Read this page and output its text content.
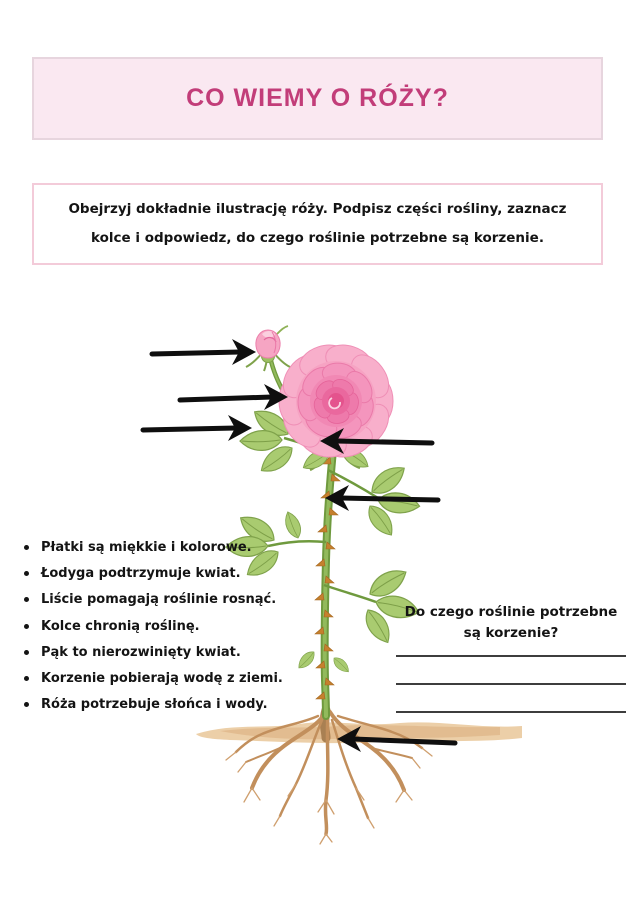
CO WIEMY O RÓŻY?

Obejrzyj dokładnie ilustrację róży. Podpisz części rośliny, zaznacz kolce i odpowiedz, do czego roślinie potrzebne są korzenie.

Płatki są miękkie i kolorowe.
Łodyga podtrzymuje kwiat.
Liście pomagają roślinie rosnąć.
Kolce chronią roślinę.
Pąk to nierozwinięty kwiat.
Korzenie pobierają wodę z ziemi.
Róża potrzebuje słońca i wody.

Do czego roślinie potrzebne są korzenie?
